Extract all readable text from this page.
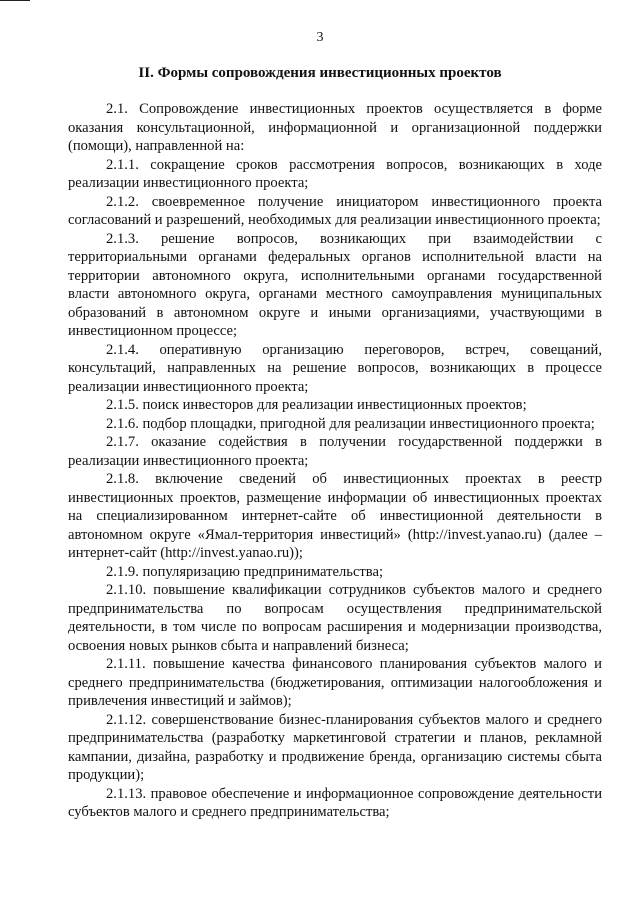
3
II. Формы сопровождения инвестиционных проектов

2.1. Сопровождение инвестиционных проектов осуществляется в форме оказания консультационной, информационной и организационной поддержки (помощи), направленной на:

2.1.1. сокращение сроков рассмотрения вопросов, возникающих в ходе реализации инвестиционного проекта;

2.1.2. своевременное получение инициатором инвестиционного проекта согласований и разрешений, необходимых для реализации инвестиционного проекта;

2.1.3. решение вопросов, возникающих при взаимодействии с территориальными органами федеральных органов исполнительной власти на территории автономного округа, исполнительными органами государственной власти автономного округа, органами местного самоуправления муниципальных образований в автономном округе и иными организациями, участвующими в инвестиционном процессе;

2.1.4. оперативную организацию переговоров, встреч, совещаний, консультаций, направленных на решение вопросов, возникающих в процессе реализации инвестиционного проекта;

2.1.5. поиск инвесторов для реализации инвестиционных проектов;

2.1.6. подбор площадки, пригодной для реализации инвестиционного проекта;

2.1.7. оказание содействия в получении государственной поддержки в реализации инвестиционного проекта;

2.1.8. включение сведений об инвестиционных проектах в реестр инвестиционных проектов, размещение информации об инвестиционных проектах на специализированном интернет-сайте об инвестиционной деятельности в автономном округе «Ямал-территория инвестиций» (http://invest.yanao.ru) (далее – интернет-сайт (http://invest.yanao.ru));

2.1.9. популяризацию предпринимательства;

2.1.10. повышение квалификации сотрудников субъектов малого и среднего предпринимательства по вопросам осуществления предпринимательской деятельности, в том числе по вопросам расширения и модернизации производства, освоения новых рынков сбыта и направлений бизнеса;

2.1.11. повышение качества финансового планирования субъектов малого и среднего предпринимательства (бюджетирования, оптимизации налогообложения и привлечения инвестиций и займов);

2.1.12. совершенствование бизнес-планирования субъектов малого и среднего предпринимательства (разработку маркетинговой стратегии и планов, рекламной кампании, дизайна, разработку и продвижение бренда, организацию системы сбыта продукции);

2.1.13. правовое обеспечение и информационное сопровождение деятельности субъектов малого и среднего предпринимательства;
